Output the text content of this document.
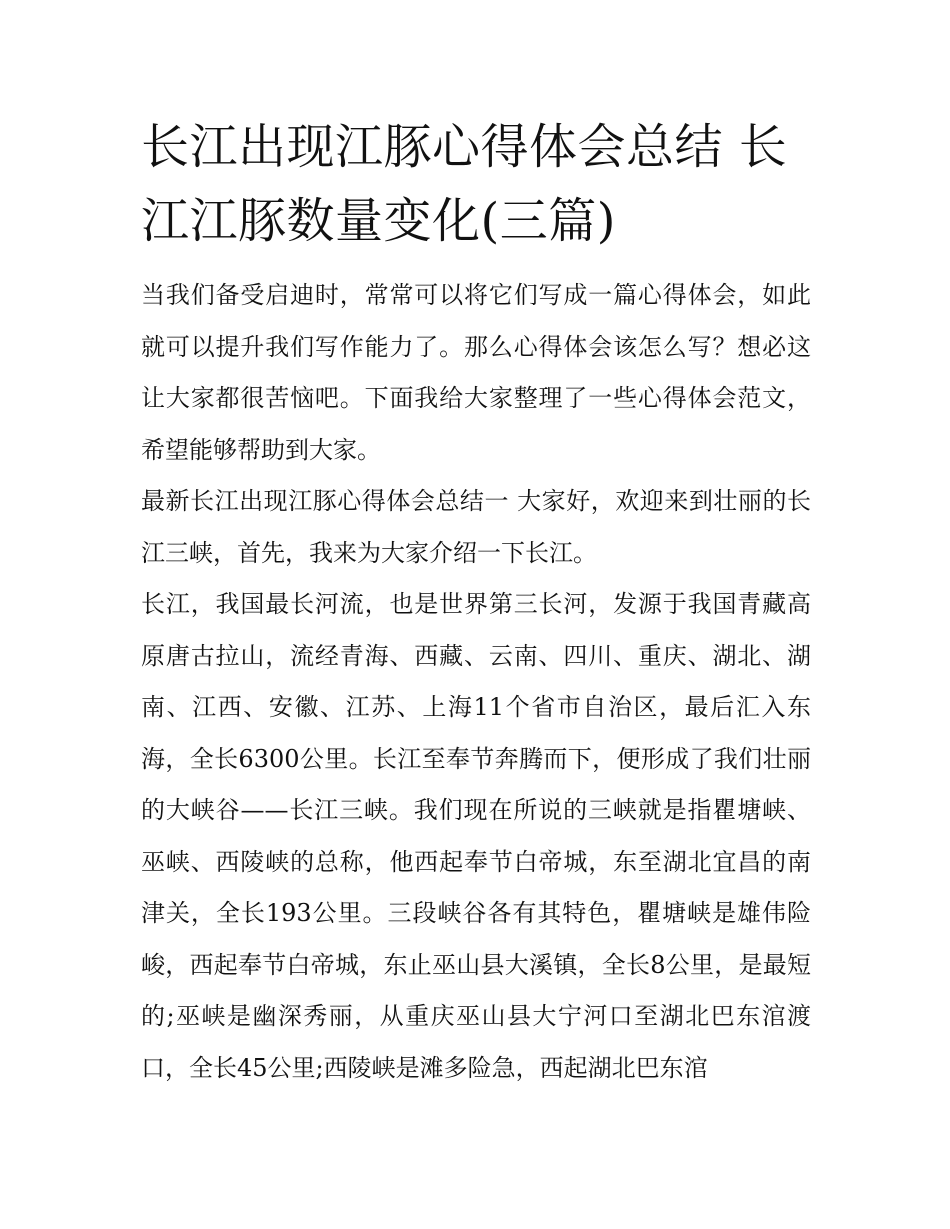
长江出现江豚心得体会总结 长江江豚数量变化(三篇)

当我们备受启迪时，常常可以将它们写成一篇心得体会，如此就可以提升我们写作能力了。那么心得体会该怎么写？想必这让大家都很苦恼吧。下面我给大家整理了一些心得体会范文，希望能够帮助到大家。

最新长江出现江豚心得体会总结一 大家好，欢迎来到壮丽的长江三峡，首先，我来为大家介绍一下长江。

长江，我国最长河流，也是世界第三长河，发源于我国青藏高原唐古拉山，流经青海、西藏、云南、四川、重庆、湖北、湖南、江西、安徽、江苏、上海11个省市自治区，最后汇入东海，全长6300公里。长江至奉节奔腾而下，便形成了我们壮丽的大峡谷——长江三峡。我们现在所说的三峡就是指瞿塘峡、巫峡、西陵峡的总称，他西起奉节白帝城，东至湖北宜昌的南津关，全长193公里。三段峡谷各有其特色，瞿塘峡是雄伟险峻，西起奉节白帝城，东止巫山县大溪镇，全长8公里，是最短的;巫峡是幽深秀丽，从重庆巫山县大宁河口至湖北巴东涫渡口，全长45公里;西陵峡是滩多险急，西起湖北巴东涫
